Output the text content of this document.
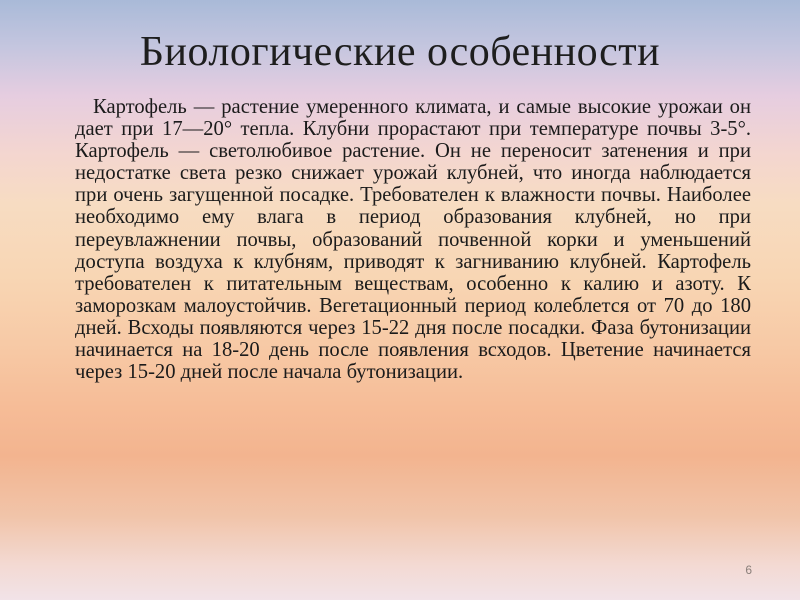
Биологические особенности

Картофель — растение умеренного климата, и самые высокие урожаи он дает при 17—20° тепла. Клубни прорастают при температуре почвы 3-5°. Картофель — светолюбивое растение. Он не переносит затенения и при недостатке света резко снижает урожай клубней, что иногда наблюдается при очень загущенной посадке. Требователен к влажности почвы. Наиболее необходимо ему влага в период образования клубней, но при переувлажнении почвы, образований почвенной корки и уменьшений доступа воздуха к клубням, приводят к загниванию клубней. Картофель требователен к питательным веществам, особенно к калию и азоту. К заморозкам малоустойчив. Вегетационный период колеблется от 70 до 180 дней. Всходы появляются через 15-22 дня после посадки. Фаза бутонизации начинается на 18-20 день после появления всходов. Цветение начинается через 15-20 дней после начала бутонизации.

6
